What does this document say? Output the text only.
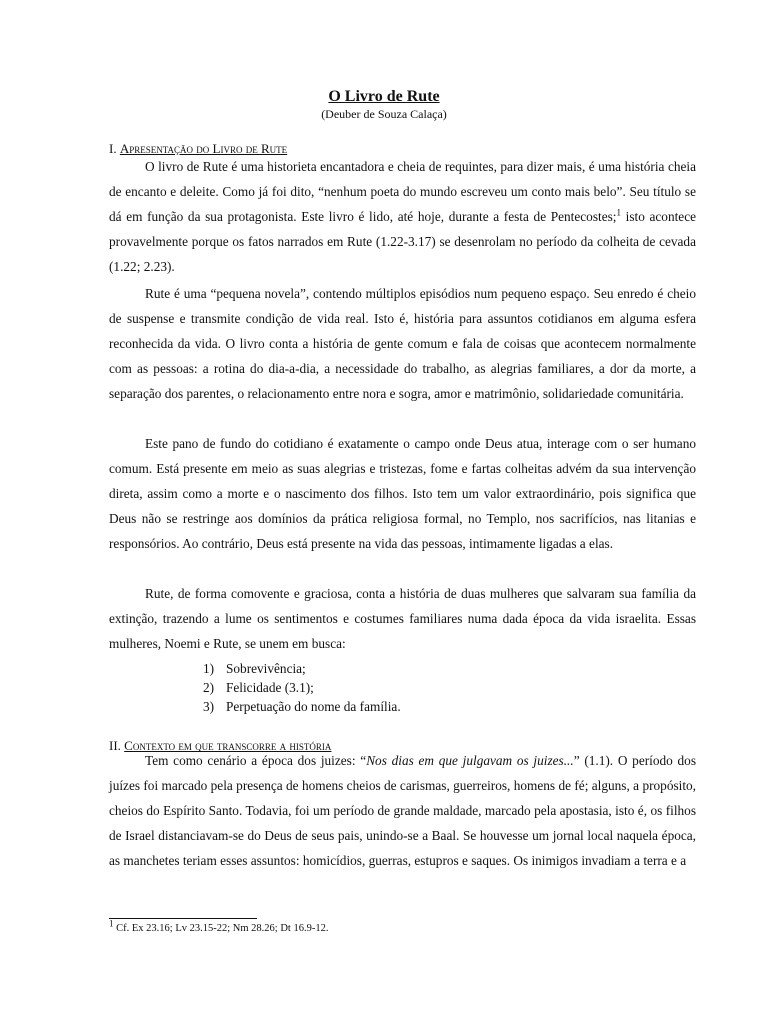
O Livro de Rute
(Deuber de Souza Calaça)
I. Apresentação do Livro de Rute

O livro de Rute é uma historieta encantadora e cheia de requintes, para dizer mais, é uma história cheia de encanto e deleite. Como já foi dito, “nenhum poeta do mundo escreveu um conto mais belo”. Seu título se dá em função da sua protagonista. Este livro é lido, até hoje, durante a festa de Pentecostes;$^1$ isto acontece provavelmente porque os fatos narrados em Rute (1.22-3.17) se desenrolam no período da colheita de cevada (1.22; 2.23).

Rute é uma “pequena novela”, contendo múltiplos episódios num pequeno espaço. Seu enredo é cheio de suspense e transmite condição de vida real. Isto é, história para assuntos cotidianos em alguma esfera reconhecida da vida. O livro conta a história de gente comum e fala de coisas que acontecem normalmente com as pessoas: a rotina do dia-a-dia, a necessidade do trabalho, as alegrias familiares, a dor da morte, a separação dos parentes, o relacionamento entre nora e sogra, amor e matrimônio, solidariedade comunitária.

Este pano de fundo do cotidiano é exatamente o campo onde Deus atua, interage com o ser humano comum. Está presente em meio as suas alegrias e tristezas, fome e fartas colheitas advém da sua intervenção direta, assim como a morte e o nascimento dos filhos. Isto tem um valor extraordinário, pois significa que Deus não se restringe aos domínios da prática religiosa formal, no Templo, nos sacrifícios, nas litanias e responsórios. Ao contrário, Deus está presente na vida das pessoas, intimamente ligadas a elas.

Rute, de forma comovente e graciosa, conta a história de duas mulheres que salvaram sua família da extinção, trazendo a lume os sentimentos e costumes familiares numa dada época da vida israelita. Essas mulheres, Noemi e Rute, se unem em busca:

1) Sobrevivência;
2) Felicidade (3.1);
3) Perpetuação do nome da família.
II. Contexto em que transcorre a história

Tem como cenário a época dos juizes: “Nos dias em que julgavam os juizes...” (1.1). O período dos juízes foi marcado pela presença de homens cheios de carismas, guerreiros, homens de fé; alguns, a propósito, cheios do Espírito Santo. Todavia, foi um período de grande maldade, marcado pela apostasia, isto é, os filhos de Israel distanciavam-se do Deus de seus pais, unindo-se a Baal. Se houvesse um jornal local naquela época, as manchetes teriam esses assuntos: homicídios, guerras, estupros e saques. Os inimigos invadiam a terra e a

$^1$ Cf. Ex 23.16; Lv 23.15-22; Nm 28.26; Dt 16.9-12.
